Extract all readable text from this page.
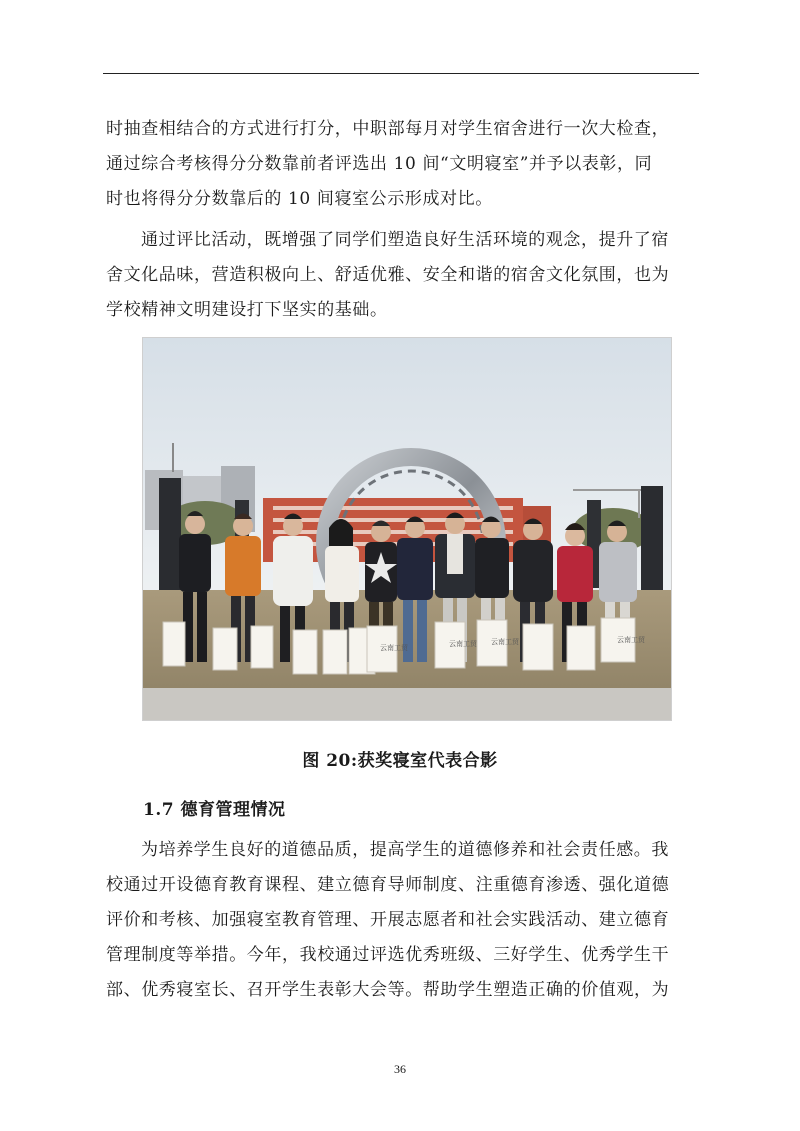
时抽查相结合的方式进行打分，中职部每月对学生宿舍进行一次大检查，
通过综合考核得分分数靠前者评选出 10 间“文明寝室”并予以表彰，同
时也将得分分数靠后的 10 间寝室公示形成对比。

通过评比活动，既增强了同学们塑造良好生活环境的观念，提升了宿
舍文化品味，营造积极向上、舒适优雅、安全和谐的宿舍文化氛围，也为
学校精神文明建设打下坚实的基础。

云南工贸	云南工贸 云南工贸	云南工贸
图 20:获奖寝室代表合影
1.7 德育管理情况

为培养学生良好的道德品质，提高学生的道德修养和社会责任感。我
校通过开设德育教育课程、建立德育导师制度、注重德育渗透、强化道德
评价和考核、加强寝室教育管理、开展志愿者和社会实践活动、建立德育
管理制度等举措。今年，我校通过评选优秀班级、三好学生、优秀学生干
部、优秀寝室长、召开学生表彰大会等。帮助学生塑造正确的价值观，为

36
